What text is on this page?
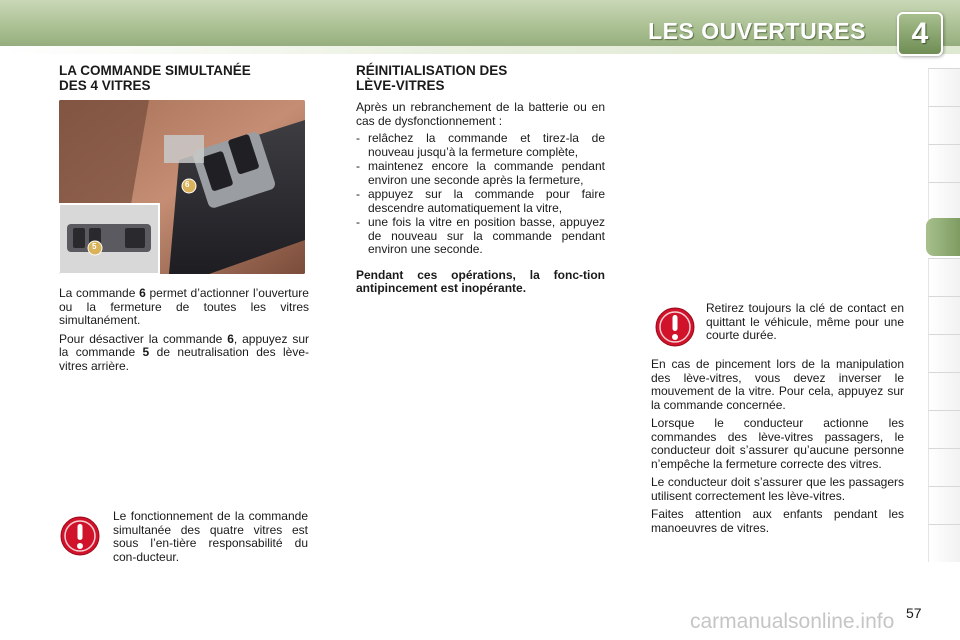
LES OUVERTURES 4
LA COMMANDE SIMULTANÉE
DES 4 VITRES
6
5

La commande 6 permet d’actionner l’ouverture ou la fermeture de toutes les vitres simultanément.

Pour désactiver la commande 6, appuyez sur la commande 5 de neutralisation des lève-vitres arrière.

Le fonctionnement de la commande simultanée des quatre vitres est sous l’en-tière responsabilité du con-ducteur.

RÉINITIALISATION DES
LÈVE-VITRES

Après un rebranchement de la batterie ou en cas de dysfonctionnement :

- relâchez la commande et tirez-la de nouveau jusqu’à la fermeture complète,
- maintenez encore la commande pendant environ une seconde après la fermeture,
- appuyez sur la commande pour faire descendre automatiquement la vitre,
- une fois la vitre en position basse, appuyez de nouveau sur la commande pendant environ une seconde.

Pendant ces opérations, la fonc-tion antipincement est inopérante.

Retirez toujours la clé de contact en quittant le véhicule, même pour une courte durée.

En cas de pincement lors de la manipulation des lève-vitres, vous devez inverser le mouvement de la vitre. Pour cela, appuyez sur la commande concernée.

Lorsque le conducteur actionne les commandes des lève-vitres passagers, le conducteur doit s’assurer qu’aucune personne n’empêche la fermeture correcte des vitres.

Le conducteur doit s’assurer que les passagers utilisent correctement les lève-vitres.

Faites attention aux enfants pendant les manoeuvres de vitres.

carmanualsonline.info 57
